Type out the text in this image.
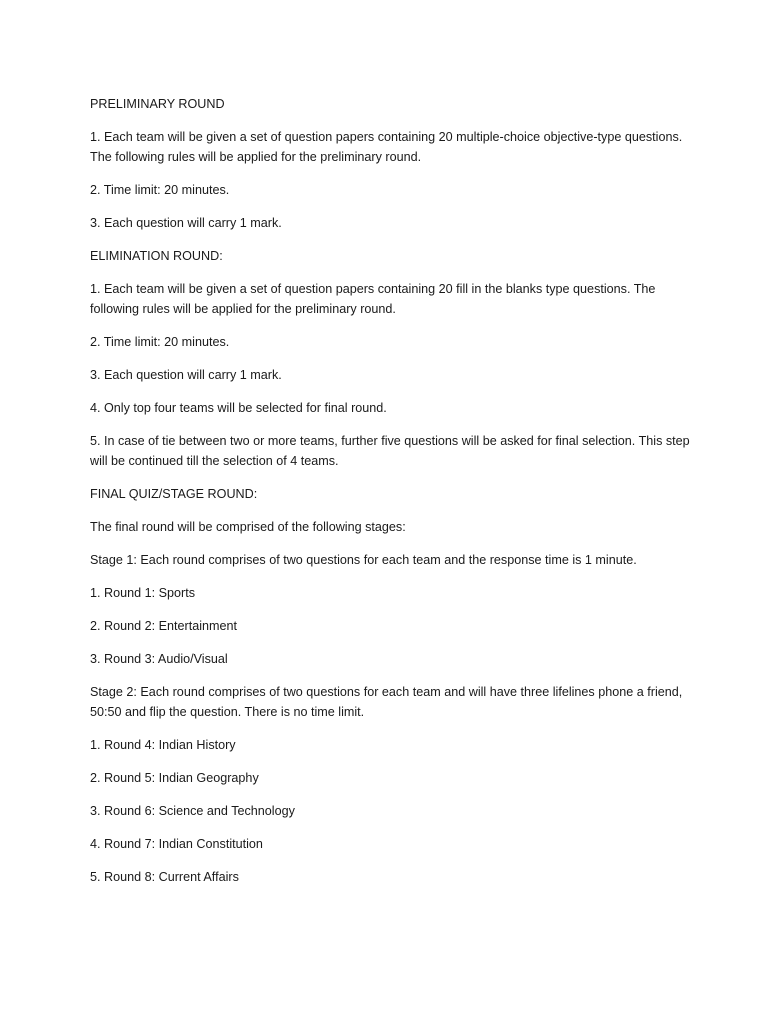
PRELIMINARY ROUND

1. Each team will be given a set of question papers containing 20 multiple-choice objective-type questions. The following rules will be applied for the preliminary round.

2. Time limit: 20 minutes.

3. Each question will carry 1 mark.

ELIMINATION ROUND:

1. Each team will be given a set of question papers containing 20 fill in the blanks type questions. The following rules will be applied for the preliminary round.

2. Time limit: 20 minutes.

3. Each question will carry 1 mark.

4. Only top four teams will be selected for final round.

5. In case of tie between two or more teams, further five questions will be asked for final selection. This step will be continued till the selection of 4 teams.

FINAL QUIZ/STAGE ROUND:

The final round will be comprised of the following stages:

Stage 1: Each round comprises of two questions for each team and the response time is 1 minute.

1. Round 1: Sports

2. Round 2: Entertainment

3. Round 3: Audio/Visual

Stage 2: Each round comprises of two questions for each team and will have three lifelines phone a friend, 50:50 and flip the question. There is no time limit.

1. Round 4: Indian History

2. Round 5: Indian Geography

3. Round 6: Science and Technology

4. Round 7: Indian Constitution

5. Round 8: Current Affairs
